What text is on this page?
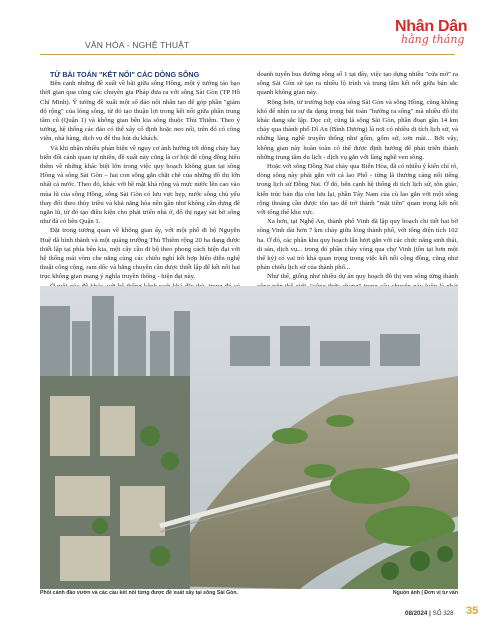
VĂN HÓA - NGHỆ THUẬT
Nhân Dân
hằng tháng

TỪ BÀI TOÁN "KẾT NỐI" CÁC DÒNG SÔNG

Bên cạnh những đề xuất về bãi giữa sông Hồng, một ý tưởng táo bạo thời gian qua cũng các chuyên gia Pháp đưa ra với sông Sài Gòn (TP Hồ Chí Minh). Ý tưởng đề xuất một số đảo nổi nhân tạo để góp phần "giảm độ rộng" của lòng sông, từ đó tạo thuận lợi trong kết nối giữa phần trung tâm cũ (Quận 1) và không gian bên kia sông thuộc Thủ Thiêm. Theo ý tưởng, hệ thống các đảo có thể xây cố định hoặc neo nổi, trên đó có công viên, nhà hàng, dịch vụ để thu hút du khách.

Và khi nhận nhiều phản biện về nguy cơ ảnh hưởng tới dòng chảy hay biến đổi cảnh quan tự nhiên, đề xuất này cũng là cơ hội để cộng đồng hiểu thêm về những khác biệt lớn trong việc quy hoạch không gian tại sông Hồng và sông Sài Gòn – hai con sông gắn chặt chẽ của những đô thị lớn nhất cả nước. Theo đó, khác với bề mặt khá rộng và mực nước lên cao vào mùa lũ của sông Hồng, sông Sài Gòn có lưu vực hẹp, nước sông chủ yếu thay đổi theo thủy triều và khả năng hòa nền gần như không cần dựng đê ngăn lũ, từ đó tạo điều kiện cho phát triển nhà ở, đô thị ngay sát bờ sông như đã có bên Quận 1.

Đặt trong tương quan về không gian ấy, với một phố đi bộ Nguyễn Huệ đã hình thành và một quảng trường Thủ Thiêm rộng 20 ha đang được thiết lập tại phía bên kia, một cây cầu đi bộ theo phong cách hiện đại với hệ thống mái vòm che nắng cùng các chiếu nghỉ kết hợp hiểu diễn nghệ thuật công cộng, ram dốc và băng chuyền cần được thiết lập để kết nối hai trục không gian mang ý nghĩa truyền thống - hiện đại này.

doanh tuyến bus đường sông số 1 tại đây, việc tạo dựng nhiều "cửa mở" ra sông Sài Gòn sẽ tạo ra nhiều lộ trình và trung tâm kết nối giữa bản sắc quanh không gian này.

Rộng hơn, từ trường hợp của sông Sài Gòn và sông Hồng, cũng không khó để nhìn ra sự đa dạng trong bài toán "hướng ra sông" mà nhiều đô thị khác đang sắc lập. Dọc cứ, cũng là sông Sài Gòn, phần đoạn gần 14 km chảy qua thành phố Dĩ An (Bình Dương) là nơi có nhiều di tích lịch sử, và những làng nghề truyền thống như gốm, gốm sứ, sơn mài... Bởi vậy, không gian này hoàn toàn có thể được định hướng để phát triển thành những trung tâm du lịch - dịch vụ gắn với làng nghề ven sông.

Hoặc với sông Đồng Nai chảy qua Biên Hòa, đã có nhiều ý kiến chỉ rõ, dòng sông này phải gắn với cả lao Phố - từng là thương cảng nối tiếng trong lịch sử Đồng Nai. Ở đó, bên cạnh hệ thống di tích lịch sử, tôn giáo, kiến trúc bản địa còn lưu lại, phần Tây Nam của cù lao gắn với một sông rộng thoáng cần được tôn tạo để trở thành "mặt tiền" quan trọng kết nối với tổng thể khu vực.

Xa hơn, tại Nghệ An, thành phố Vinh đã lập quy hoạch chi tiết hai bờ sông Vinh dài hơn 7 km chảy giữa lòng thành phố, với tổng diện tích 102 ha. Ở đó, các phân khu quy hoạch lấn lượt gắn với các chức năng sinh thái, di sản, dịch vụ... trong đó phần chảy vòng qua chợ Vinh (tồn tại hơn một thế kỷ) có vai trò khá quan trọng trong việc kết nối cộng đồng, cũng như phản chiếu lịch sử của thành phố...

Như thế, giống như nhiều dự án quy hoạch đô thị ven sông từng thành

Phối cảnh đảo vườn và các cầu kết nối từng được đề xuất xây tại sông Sài Gòn.	Nguồn ảnh | Đơn vị tư vấn
08/2024 | SỐ 328 35
